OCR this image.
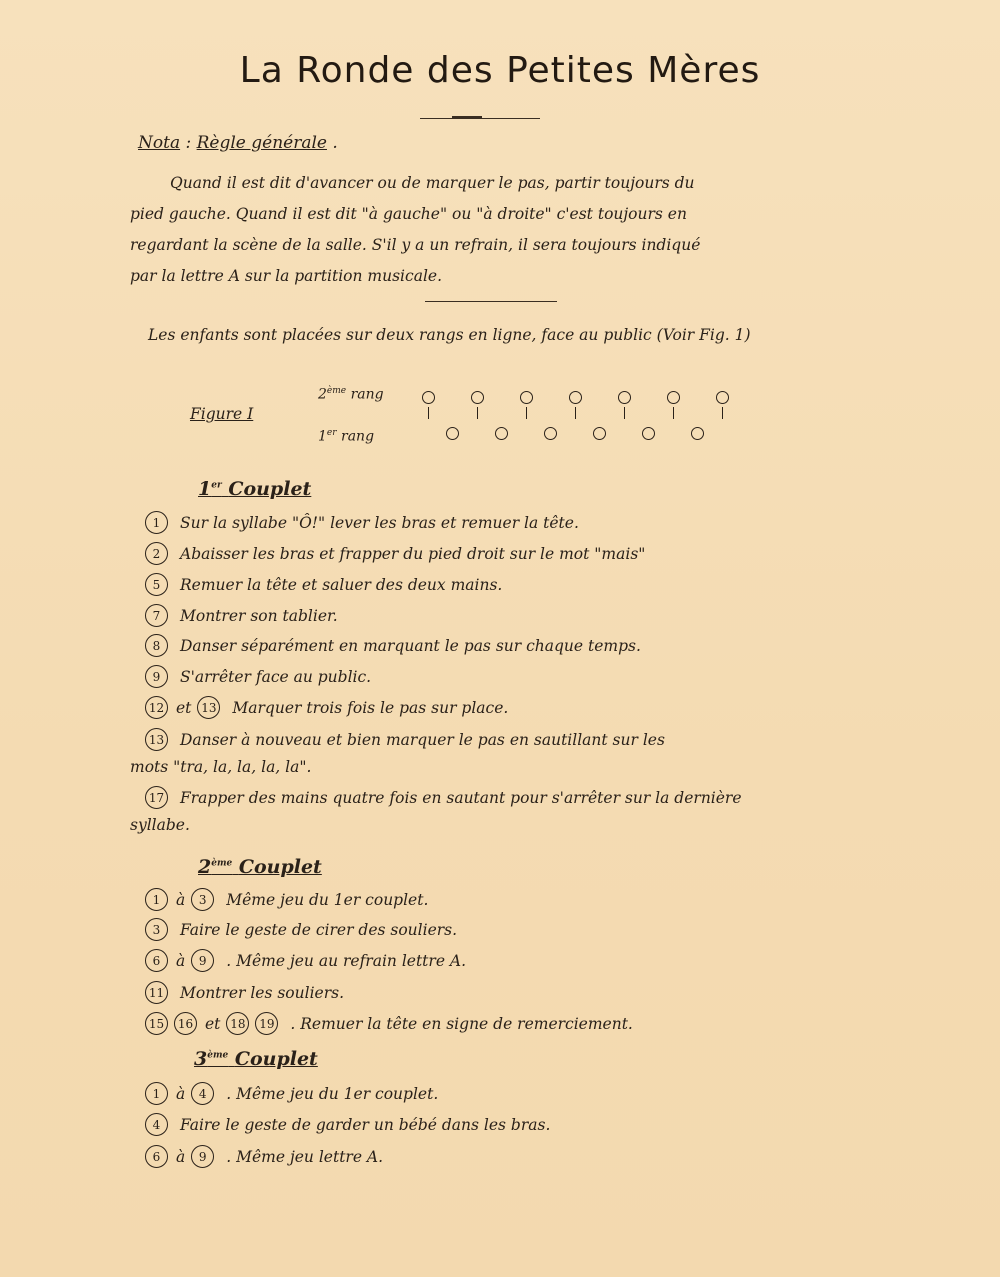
La Ronde des Petites Mères
Nota : Règle générale .
Quand il est dit d'avancer ou de marquer le pas, partir toujours du
pied gauche. Quand il est dit "à gauche" ou "à droite" c'est toujours en
regardant la scène de la salle. S'il y a un refrain, il sera toujours indiqué
par la lettre A sur la partition musicale.
Les enfants sont placées sur deux rangs en ligne, face au public (Voir Fig. 1)
Figure I
2ème rang
1er rang
1er Couplet
1	Sur la syllabe "Ô!" lever les bras et remuer la tête.
2	Abaisser les bras et frapper du pied droit sur le mot "mais"
5	Remuer la tête et saluer des deux mains.
7	Montrer son tablier.
8	Danser séparément en marquant le pas sur chaque temps.
9	S'arrêter face au public.
12 et 13 Marquer trois fois le pas sur place.
13 Danser à nouveau et bien marquer le pas en sautillant sur les
mots "tra, la, la, la, la".
17 Frapper des mains quatre fois en sautant pour s'arrêter sur la dernière
syllabe.
2ème Couplet
1	à	3	Même jeu du 1er couplet.
3	Faire le geste de cirer des souliers.
6	à	9	. Même jeu au refrain lettre A.
11 Montrer les souliers.
15	16 et 18	19 . Remuer la tête en signe de remerciement.
3ème Couplet
1	à	4	. Même jeu du 1er couplet.
4	Faire le geste de garder un bébé dans les bras.
6	à	9	. Même jeu lettre A.
